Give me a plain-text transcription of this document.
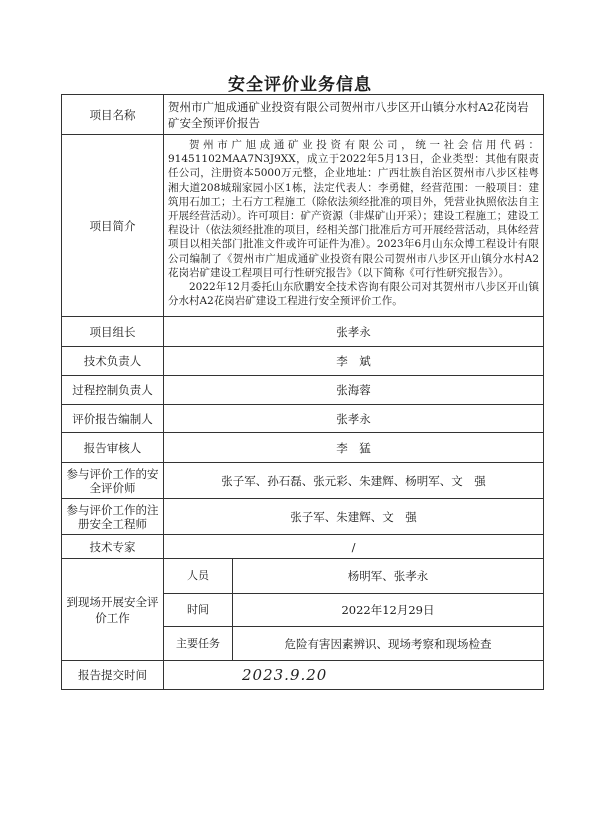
安全评价业务信息
项目名称	贺州市广旭成通矿业投资有限公司贺州市八步区开山镇分水村A2花岗岩矿安全预评价报告	
项目简介	贺州市广旭成通矿业投资有限公司，统一社会信用代码：91451102MAA7N3J9XX，成立于2022年5月13日，企业类型：其他有限责任公司，注册资本5000万元整，企业地址：广西壮族自治区贺州市八步区桂粤湘大道208城瑞家园小区1栋，法定代表人：李勇健，经营范围：一般项目：建筑用石加工；土石方工程施工（除依法须经批准的项目外，凭营业执照依法自主开展经营活动）。许可项目：矿产资源（非煤矿山开采）；建设工程施工；建设工程设计（依法须经批准的项目，经相关部门批准后方可开展经营活动，具体经营项目以相关部门批准文件或许可证件为准）。2023年6月山东众博工程设计有限公司编制了《贺州市广旭成通矿业投资有限公司贺州市八步区开山镇分水村A2花岗岩矿建设工程项目可行性研究报告》（以下简称《可行性研究报告》）。

2022年12月委托山东欣鹏安全技术咨询有限公司对其贺州市八步区开山镇分水村A2花岗岩矿建设工程进行安全预评价工作。	

项目组长	张孝永	
技术负责人	李　斌	
过程控制负责人	张海蓉	
评价报告编制人	张孝永	
报告审核人	李　猛	
参与评价工作的安全评价师	张子军、孙石磊、张元彩、朱建辉、杨明军、文　强	
参与评价工作的注册安全工程师	张子军、朱建辉、文　强	
技术专家	/	
到现场开展安全评价工作	人员	杨明军、张孝永
	时间	2022年12月29日
	主要任务	危险有害因素辨识、现场考察和现场检查
报告提交时间	2023.9.20	
